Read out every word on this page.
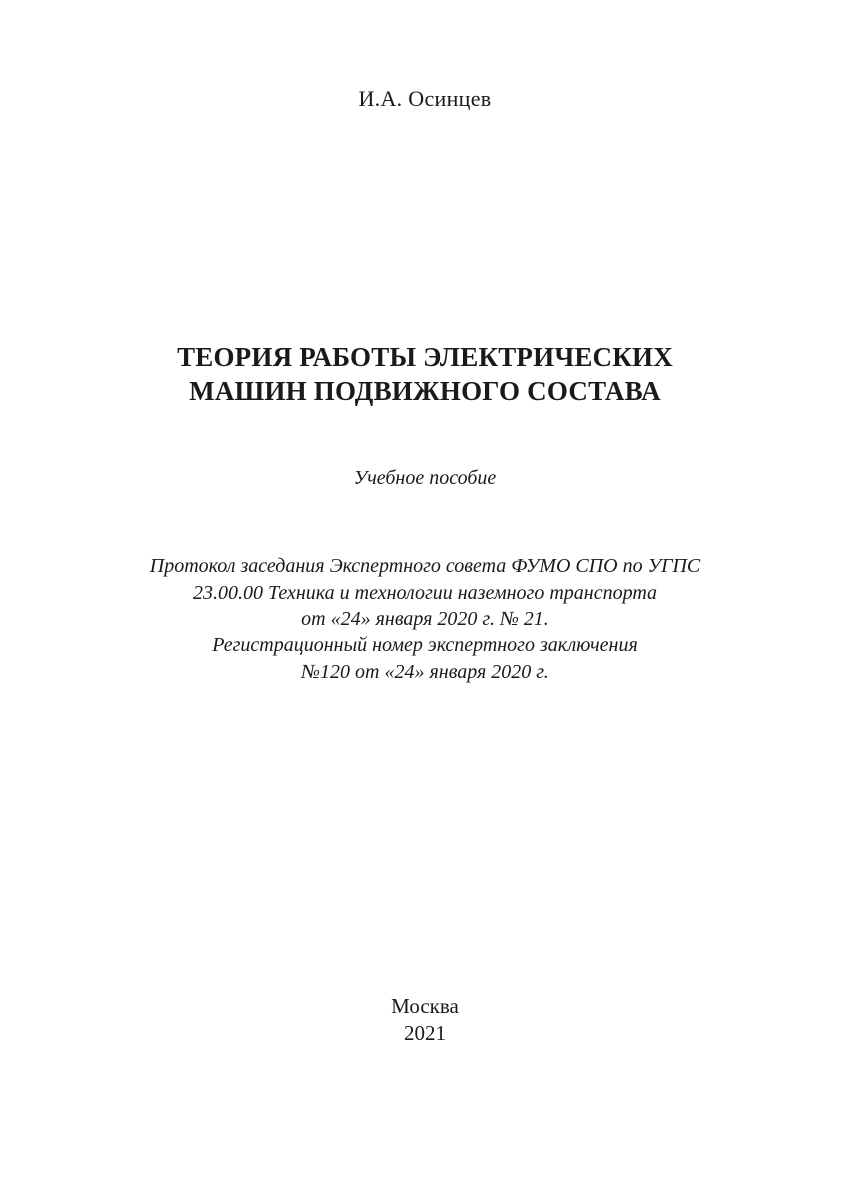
И.А. Осинцев
ТЕОРИЯ РАБОТЫ ЭЛЕКТРИЧЕСКИХ
МАШИН ПОДВИЖНОГО СОСТАВА
Учебное пособие
Протокол заседания Экспертного совета ФУМО СПО по УГПС
23.00.00 Техника и технологии наземного транспорта
от «24» января 2020 г. № 21.
Регистрационный номер экспертного заключения
№120 от «24» января 2020 г.
Москва
2021
